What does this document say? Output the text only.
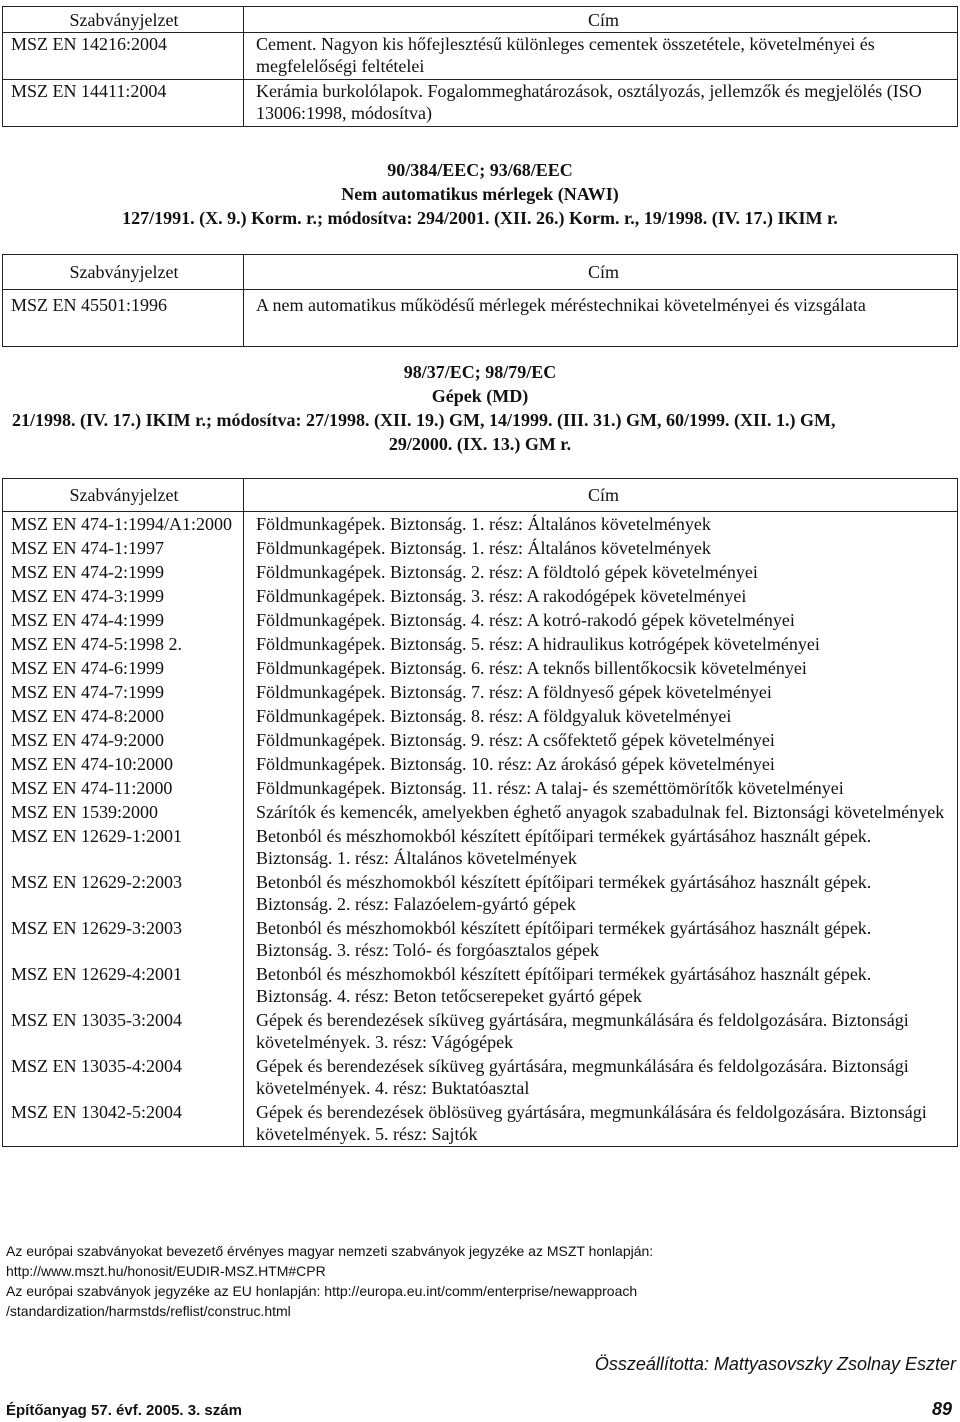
Szabványjelzet	Cím
MSZ EN 14216:2004	Cement. Nagyon kis hőfejlesztésű különleges cementek összetétele, követelményei és megfelelőségi feltételei
MSZ EN 14411:2004	Kerámia burkolólapok. Fogalommeghatározások, osztályozás, jellemzők és megjelölés (ISO 13006:1998, módosítva)
90/384/EEC; 93/68/EEC
Nem automatikus mérlegek (NAWI)
127/1991. (X. 9.) Korm. r.; módosítva: 294/2001. (XII. 26.) Korm. r., 19/1998. (IV. 17.) IKIM r.
Szabványjelzet	Cím
MSZ EN 45501:1996	A nem automatikus működésű mérlegek méréstechnikai követelményei és vizsgálata
98/37/EC; 98/79/EC
Gépek (MD)
21/1998. (IV. 17.) IKIM r.; módosítva: 27/1998. (XII. 19.) GM, 14/1999. (III. 31.) GM, 60/1999. (XII. 1.) GM,
29/2000. (IX. 13.) GM r.
Szabványjelzet	Cím
MSZ EN 474-1:1994/A1:2000	Földmunkagépek. Biztonság. 1. rész: Általános követelmények
MSZ EN 474-1:1997	Földmunkagépek. Biztonság. 1. rész: Általános követelmények
MSZ EN 474-2:1999	Földmunkagépek. Biztonság. 2. rész: A földtoló gépek követelményei
MSZ EN 474-3:1999	Földmunkagépek. Biztonság. 3. rész: A rakodógépek követelményei
MSZ EN 474-4:1999	Földmunkagépek. Biztonság. 4. rész: A kotró-rakodó gépek követelményei
MSZ EN 474-5:1998 2.	Földmunkagépek. Biztonság. 5. rész: A hidraulikus kotrógépek követelményei
MSZ EN 474-6:1999	Földmunkagépek. Biztonság. 6. rész: A teknős billentőkocsik követelményei
MSZ EN 474-7:1999	Földmunkagépek. Biztonság. 7. rész: A földnyeső gépek követelményei
MSZ EN 474-8:2000	Földmunkagépek. Biztonság. 8. rész: A földgyaluk követelményei
MSZ EN 474-9:2000	Földmunkagépek. Biztonság. 9. rész: A csőfektető gépek követelményei
MSZ EN 474-10:2000	Földmunkagépek. Biztonság. 10. rész: Az árokásó gépek követelményei
MSZ EN 474-11:2000	Földmunkagépek. Biztonság. 11. rész: A talaj- és szeméttömörítők követelményei
MSZ EN 1539:2000	Szárítók és kemencék, amelyekben éghető anyagok szabadulnak fel. Biztonsági követelmények
MSZ EN 12629-1:2001	Betonból és mészhomokból készített építőipari termékek gyártásához használt gépek. Biztonság. 1. rész: Általános követelmények
MSZ EN 12629-2:2003	Betonból és mészhomokból készített építőipari termékek gyártásához használt gépek. Biztonság. 2. rész: Falazóelem-gyártó gépek
MSZ EN 12629-3:2003	Betonból és mészhomokból készített építőipari termékek gyártásához használt gépek. Biztonság. 3. rész: Toló- és forgóasztalos gépek
MSZ EN 12629-4:2001	Betonból és mészhomokból készített építőipari termékek gyártásához használt gépek. Biztonság. 4. rész: Beton tetőcserepeket gyártó gépek
MSZ EN 13035-3:2004	Gépek és berendezések síküveg gyártására, megmunkálására és feldolgozására. Biztonsági követelmények. 3. rész: Vágógépek
MSZ EN 13035-4:2004	Gépek és berendezések síküveg gyártására, megmunkálására és feldolgozására. Biztonsági követelmények. 4. rész: Buktatóasztal
MSZ EN 13042-5:2004	Gépek és berendezések öblösüveg gyártására, megmunkálására és feldolgozására. Biztonsági követelmények. 5. rész: Sajtók
Az európai szabványokat bevezető érvényes magyar nemzeti szabványok jegyzéke az MSZT honlapján:
http://www.mszt.hu/honosit/EUDIR-MSZ.HTM#CPR
Az európai szabványok jegyzéke az EU honlapján: http://europa.eu.int/comm/enterprise/newapproach
/standardization/harmstds/reflist/construc.html
Összeállította: Mattyasovszky Zsolnay Eszter
Építőanyag 57. évf. 2005. 3. szám	89
